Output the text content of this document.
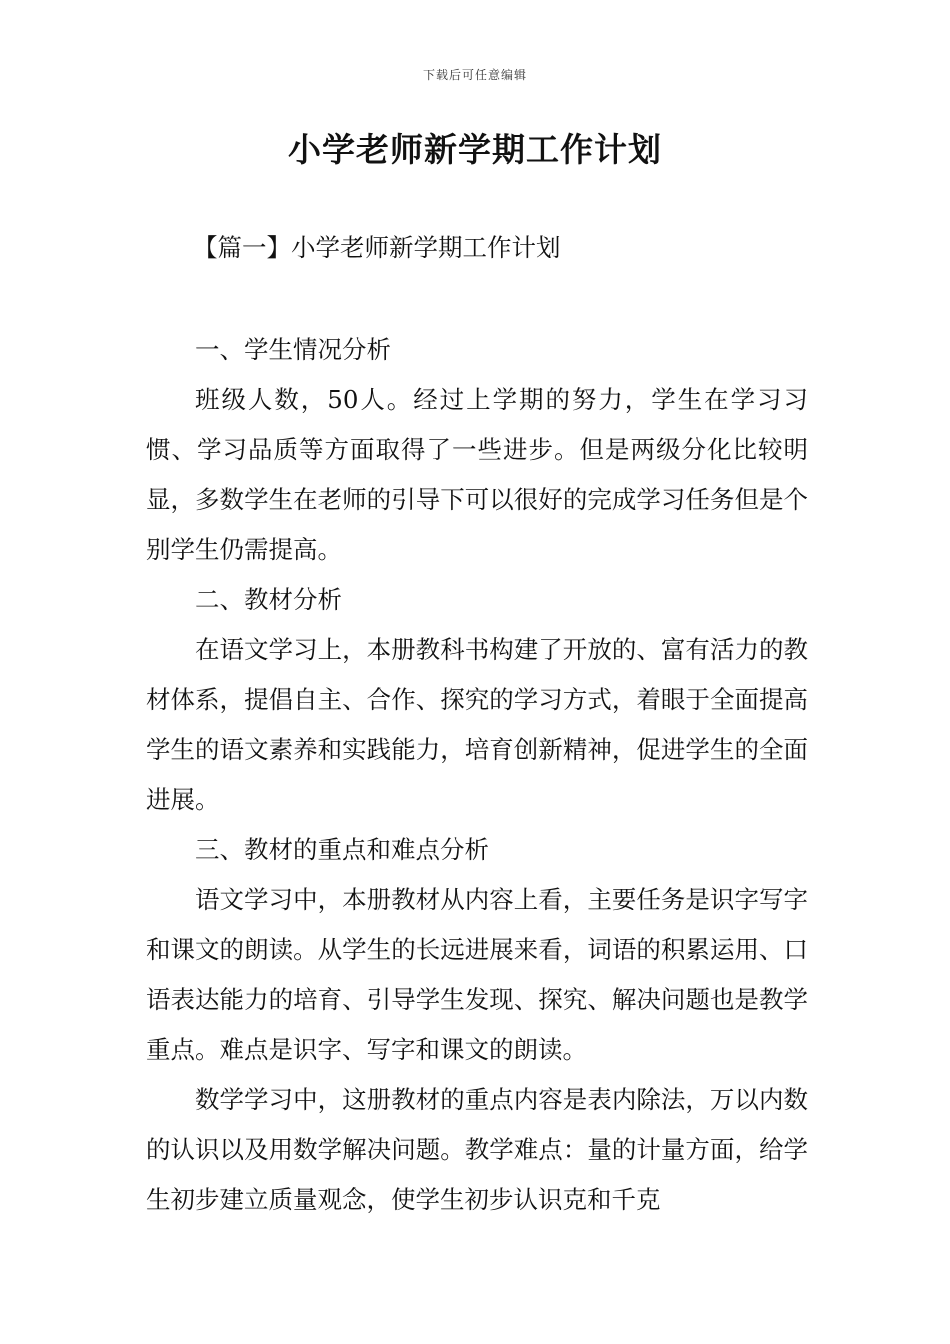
下载后可任意编辑
小学老师新学期工作计划
【篇一】小学老师新学期工作计划

一、学生情况分析

班级人数，50人。经过上学期的努力，学生在学习习惯、学习品质等方面取得了一些进步。但是两级分化比较明显，多数学生在老师的引导下可以很好的完成学习任务但是个别学生仍需提高。

二、教材分析

在语文学习上，本册教科书构建了开放的、富有活力的教材体系，提倡自主、合作、探究的学习方式，着眼于全面提高学生的语文素养和实践能力，培育创新精神，促进学生的全面进展。

三、教材的重点和难点分析

语文学习中，本册教材从内容上看，主要任务是识字写字和课文的朗读。从学生的长远进展来看，词语的积累运用、口语表达能力的培育、引导学生发现、探究、解决问题也是教学重点。难点是识字、写字和课文的朗读。

数学学习中，这册教材的重点内容是表内除法，万以内数的认识以及用数学解决问题。教学难点：量的计量方面，给学生初步建立质量观念，使学生初步认识克和千克
